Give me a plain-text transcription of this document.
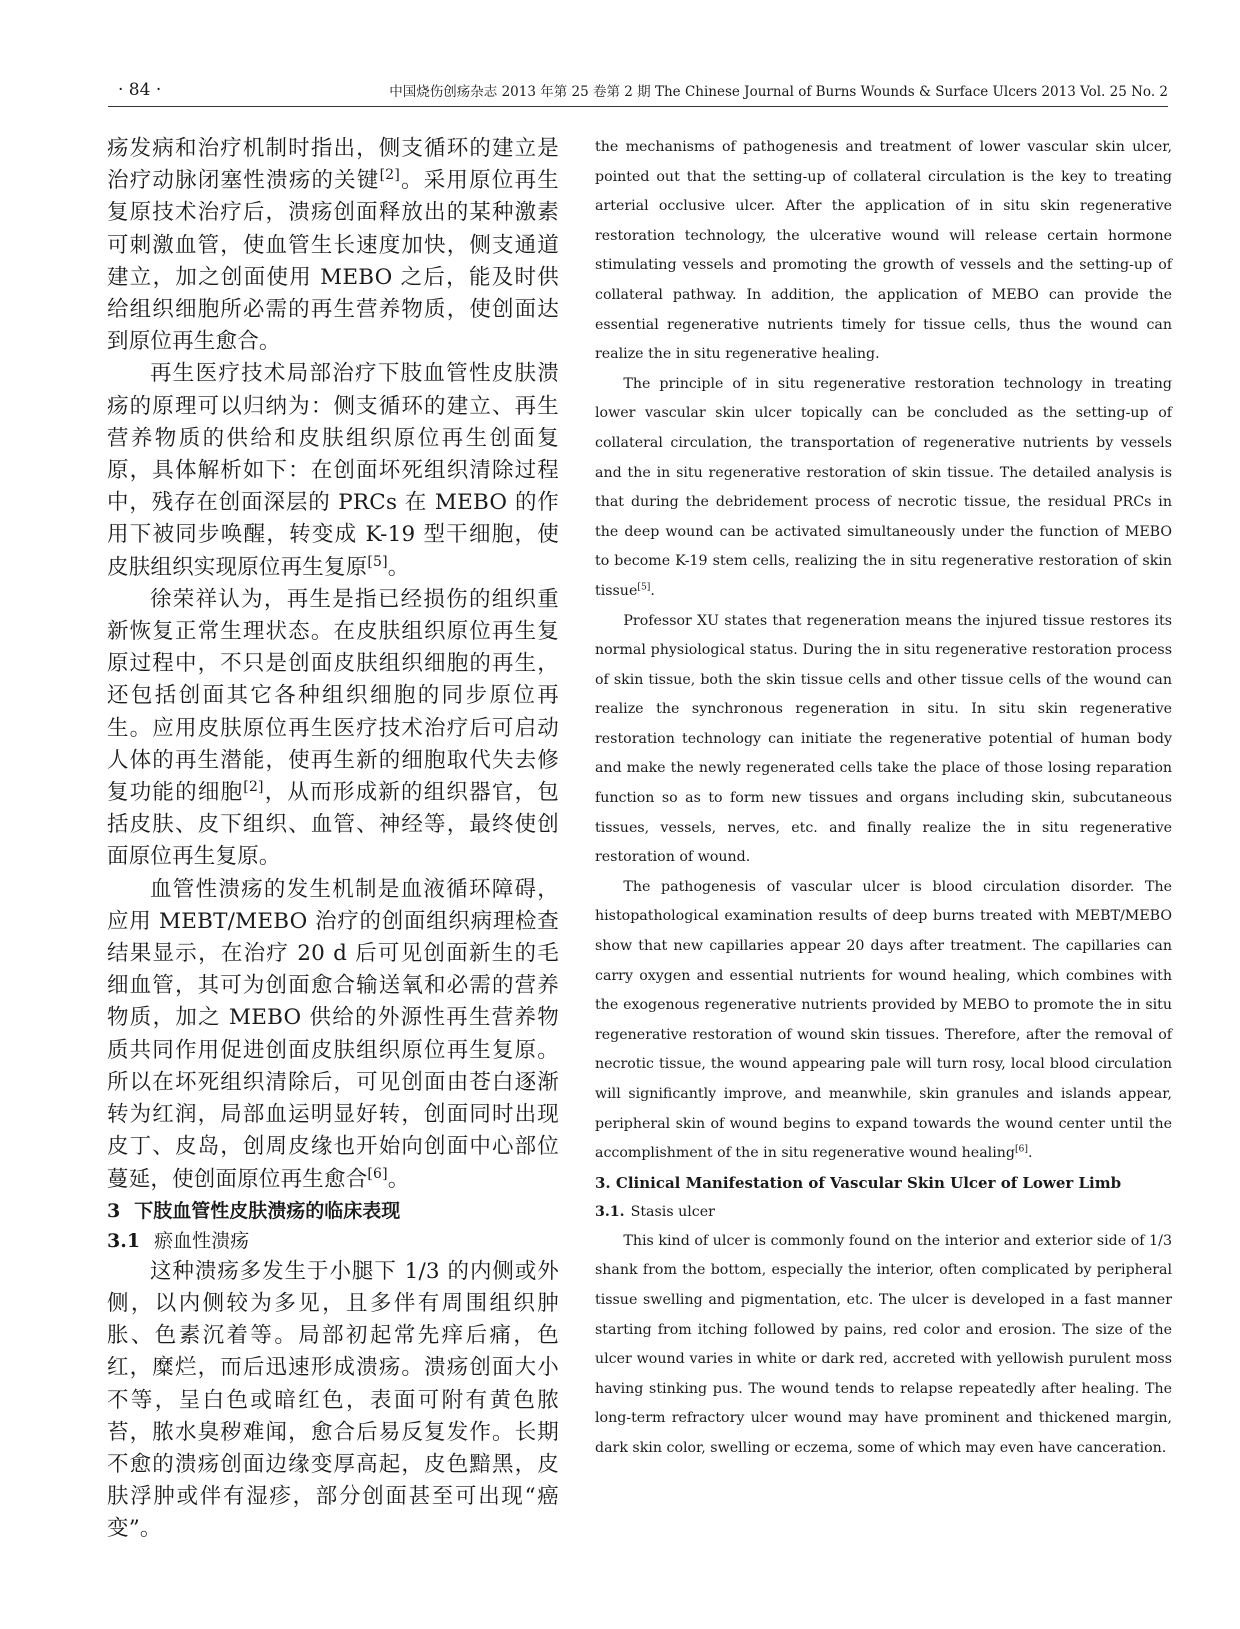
· 84 ·	中国烧伤创疡杂志 2013 年第 25 卷第 2 期 The Chinese Journal of Burns Wounds & Surface Ulcers 2013 Vol. 25 No. 2

疡发病和治疗机制时指出，侧支循环的建立是治疗动脉闭塞性溃疡的关键[2]。采用原位再生复原技术治疗后，溃疡创面释放出的某种激素可刺激血管，使血管生长速度加快，侧支通道建立，加之创面使用 MEBO 之后，能及时供给组织细胞所必需的再生营养物质，使创面达到原位再生愈合。

再生医疗技术局部治疗下肢血管性皮肤溃疡的原理可以归纳为：侧支循环的建立、再生营养物质的供给和皮肤组织原位再生创面复原，具体解析如下：在创面坏死组织清除过程中，残存在创面深层的 PRCs 在 MEBO 的作用下被同步唤醒，转变成 K-19 型干细胞，使皮肤组织实现原位再生复原[5]。

徐荣祥认为，再生是指已经损伤的组织重新恢复正常生理状态。在皮肤组织原位再生复原过程中，不只是创面皮肤组织细胞的再生，还包括创面其它各种组织细胞的同步原位再生。应用皮肤原位再生医疗技术治疗后可启动人体的再生潜能，使再生新的细胞取代失去修复功能的细胞[2]，从而形成新的组织器官，包括皮肤、皮下组织、血管、神经等，最终使创面原位再生复原。

血管性溃疡的发生机制是血液循环障碍，应用 MEBT/MEBO 治疗的创面组织病理检查结果显示，在治疗 20 d 后可见创面新生的毛细血管，其可为创面愈合输送氧和必需的营养物质，加之 MEBO 供给的外源性再生营养物质共同作用促进创面皮肤组织原位再生复原。所以在坏死组织清除后，可见创面由苍白逐渐转为红润，局部血运明显好转，创面同时出现皮丁、皮岛，创周皮缘也开始向创面中心部位蔓延，使创面原位再生愈合[6]。

3 下肢血管性皮肤溃疡的临床表现

3.1 瘀血性溃疡

这种溃疡多发生于小腿下 1/3 的内侧或外侧，以内侧较为多见，且多伴有周围组织肿胀、色素沉着等。局部初起常先痒后痛，色红，糜烂，而后迅速形成溃疡。溃疡创面大小不等，呈白色或暗红色，表面可附有黄色脓苔，脓水臭秽难闻，愈合后易反复发作。长期不愈的溃疡创面边缘变厚高起，皮色黯黑，皮肤浮肿或伴有湿疹，部分创面甚至可出现“癌变”。

the mechanisms of pathogenesis and treatment of lower vascular skin ulcer, pointed out that the setting-up of collateral circulation is the key to treating arterial occlusive ulcer. After the application of in situ skin regenerative restoration technology, the ulcerative wound will release certain hormone stimulating vessels and promoting the growth of vessels and the setting-up of collateral pathway. In addition, the application of MEBO can provide the essential regenerative nutrients timely for tissue cells, thus the wound can realize the in situ regenerative healing.

The principle of in situ regenerative restoration technology in treating lower vascular skin ulcer topically can be concluded as the setting-up of collateral circulation, the transportation of regenerative nutrients by vessels and the in situ regenerative restoration of skin tissue. The detailed analysis is that during the debridement process of necrotic tissue, the residual PRCs in the deep wound can be activated simultaneously under the function of MEBO to become K-19 stem cells, realizing the in situ regenerative restoration of skin tissue[5].

Professor XU states that regeneration means the injured tissue restores its normal physiological status. During the in situ regenerative restoration process of skin tissue, both the skin tissue cells and other tissue cells of the wound can realize the synchronous regeneration in situ. In situ skin regenerative restoration technology can initiate the regenerative potential of human body and make the newly regenerated cells take the place of those losing reparation function so as to form new tissues and organs including skin, subcutaneous tissues, vessels, nerves, etc. and finally realize the in situ regenerative restoration of wound.

The pathogenesis of vascular ulcer is blood circulation disorder. The histopathological examination results of deep burns treated with MEBT/MEBO show that new capillaries appear 20 days after treatment. The capillaries can carry oxygen and essential nutrients for wound healing, which combines with the exogenous regenerative nutrients provided by MEBO to promote the in situ regenerative restoration of wound skin tissues. Therefore, after the removal of necrotic tissue, the wound appearing pale will turn rosy, local blood circulation will significantly improve, and meanwhile, skin granules and islands appear, peripheral skin of wound begins to expand towards the wound center until the accomplishment of the in situ regenerative wound healing[6].

3. Clinical Manifestation of Vascular Skin Ulcer of Lower Limb

3.1. Stasis ulcer

This kind of ulcer is commonly found on the interior and exterior side of 1/3 shank from the bottom, especially the interior, often complicated by peripheral tissue swelling and pigmentation, etc. The ulcer is developed in a fast manner starting from itching followed by pains, red color and erosion. The size of the ulcer wound varies in white or dark red, accreted with yellowish purulent moss having stinking pus. The wound tends to relapse repeatedly after healing. The long-term refractory ulcer wound may have prominent and thickened margin, dark skin color, swelling or eczema, some of which may even have canceration.
